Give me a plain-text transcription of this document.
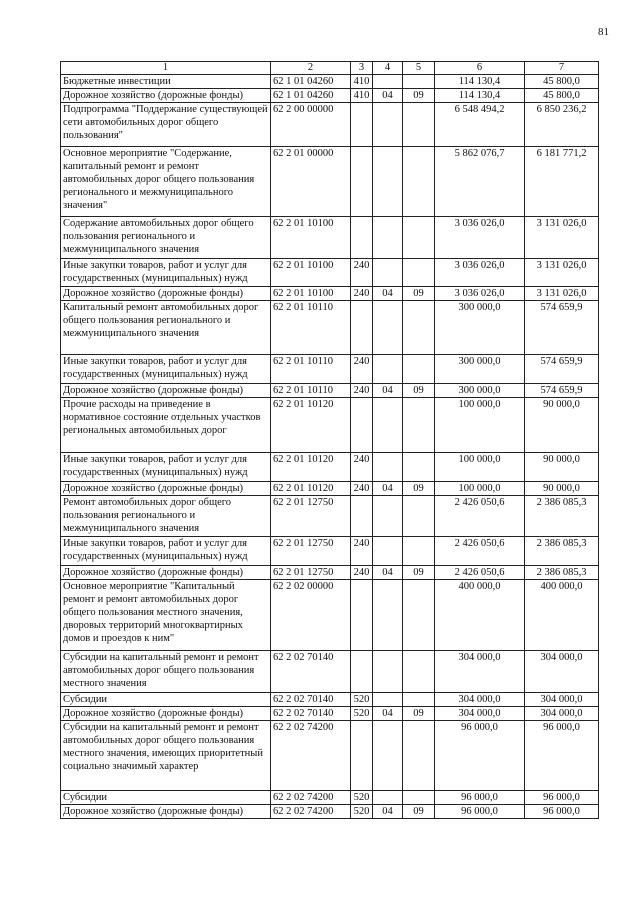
81
1	2	3	4	5	6	7
Бюджетные инвестиции	62 1 01 04260	410			114 130,4	45 800,0
Дорожное хозяйство (дорожные фонды)	62 1 01 04260	410	04	09	114 130,4	45 800,0
Подпрограмма "Поддержание существующей сети автомобильных дорог общего пользования"	62 2 00 00000				6 548 494,2	6 850 236,2
Основное мероприятие "Содержание, капитальный ремонт и ремонт автомобильных дорог общего пользования регионального и межмуниципального значения"	62 2 01 00000				5 862 076,7	6 181 771,2
Содержание автомобильных дорог общего пользования регионального и межмуниципального значения	62 2 01 10100				3 036 026,0	3 131 026,0
Иные закупки товаров, работ и услуг для государственных (муниципальных) нужд	62 2 01 10100	240			3 036 026,0	3 131 026,0
Дорожное хозяйство (дорожные фонды)	62 2 01 10100	240	04	09	3 036 026,0	3 131 026,0
Капитальный ремонт автомобильных дорог общего пользования регионального и межмуниципального значения	62 2 01 10110				300 000,0	574 659,9
Иные закупки товаров, работ и услуг для государственных (муниципальных) нужд	62 2 01 10110	240			300 000,0	574 659,9
Дорожное хозяйство (дорожные фонды)	62 2 01 10110	240	04	09	300 000,0	574 659,9
Прочие расходы на приведение в нормативное состояние отдельных участков региональных автомобильных дорог	62 2 01 10120				100 000,0	90 000,0
Иные закупки товаров, работ и услуг для государственных (муниципальных) нужд	62 2 01 10120	240			100 000,0	90 000,0
Дорожное хозяйство (дорожные фонды)	62 2 01 10120	240	04	09	100 000,0	90 000,0
Ремонт автомобильных дорог общего пользования регионального и межмуниципального значения	62 2 01 12750				2 426 050,6	2 386 085,3
Иные закупки товаров, работ и услуг для государственных (муниципальных) нужд	62 2 01 12750	240			2 426 050,6	2 386 085,3
Дорожное хозяйство (дорожные фонды)	62 2 01 12750	240	04	09	2 426 050,6	2 386 085,3
Основное мероприятие "Капитальный ремонт и ремонт автомобильных дорог общего пользования местного значения, дворовых территорий многоквартирных домов и проездов к ним"	62 2 02 00000				400 000,0	400 000,0
Субсидии на капитальный ремонт и ремонт автомобильных дорог общего пользования местного значения	62 2 02 70140				304 000,0	304 000,0
Субсидии	62 2 02 70140	520			304 000,0	304 000,0
Дорожное хозяйство (дорожные фонды)	62 2 02 70140	520	04	09	304 000,0	304 000,0
Субсидии на капитальный ремонт и ремонт автомобильных дорог общего пользования местного значения, имеющих приоритетный социально значимый характер	62 2 02 74200				96 000,0	96 000,0
Субсидии	62 2 02 74200	520			96 000,0	96 000,0
Дорожное хозяйство (дорожные фонды)	62 2 02 74200	520	04	09	96 000,0	96 000,0
